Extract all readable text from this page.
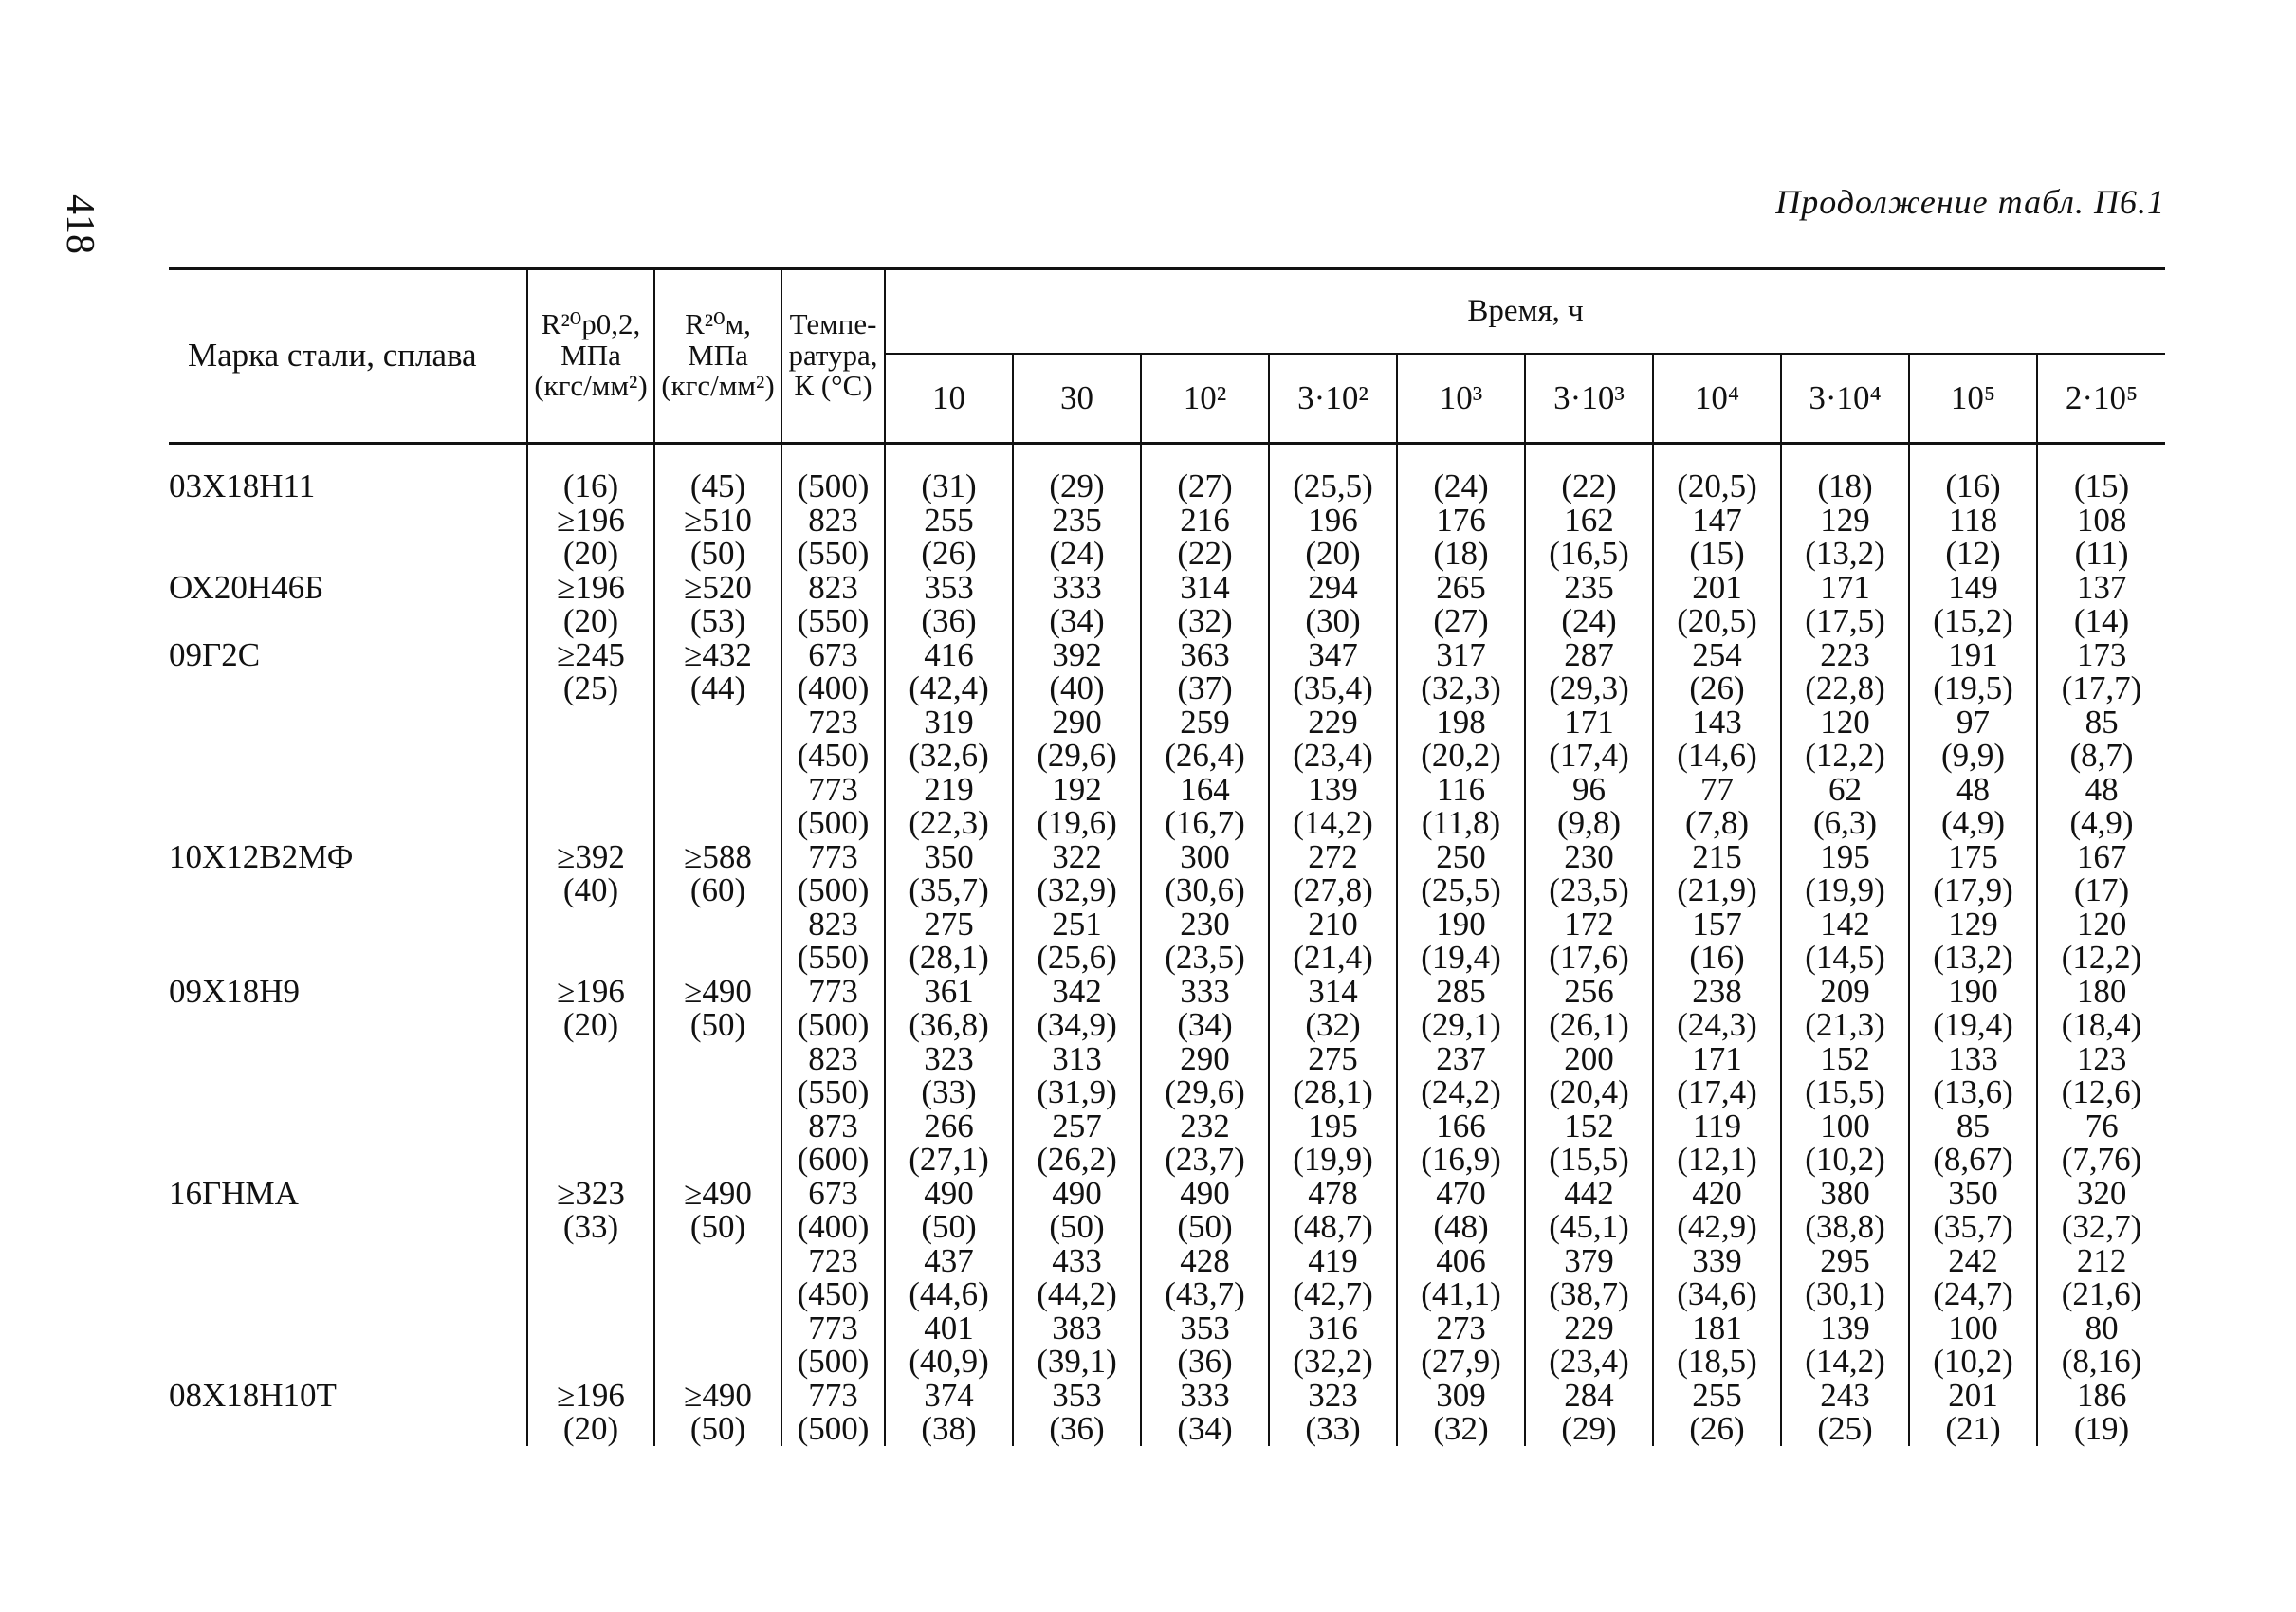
418	Продолжение табл. П6.1
Марка стали, сплава	R²⁰p0,2, МПа (кгс/мм²)	R²⁰м, МПа (кгс/мм²)	Температура, К (°С)	Время, ч									
				10	30	10²	3·10²	10³	3·10³	10⁴	3·10⁴	10⁵	2·10⁵
03Х18Н11	(16)	(45)	(500)	(31)	(29)	(27)	(25,5)	(24)	(22)	(20,5)	(18)	(16)	(15)
	≥196	≥510	823	255	235	216	196	176	162	147	129	118	108
	(20)	(50)	(550)	(26)	(24)	(22)	(20)	(18)	(16,5)	(15)	(13,2)	(12)	(11)
ОХ20Н46Б	≥196	≥520	823	353	333	314	294	265	235	201	171	149	137
	(20)	(53)	(550)	(36)	(34)	(32)	(30)	(27)	(24)	(20,5)	(17,5)	(15,2)	(14)
09Г2С	≥245	≥432	673	416	392	363	347	317	287	254	223	191	173
	(25)	(44)	(400)	(42,4)	(40)	(37)	(35,4)	(32,3)	(29,3)	(26)	(22,8)	(19,5)	(17,7)
			723	319	290	259	229	198	171	143	120	97	85
			(450)	(32,6)	(29,6)	(26,4)	(23,4)	(20,2)	(17,4)	(14,6)	(12,2)	(9,9)	(8,7)
			773	219	192	164	139	116	96	77	62	48	48
			(500)	(22,3)	(19,6)	(16,7)	(14,2)	(11,8)	(9,8)	(7,8)	(6,3)	(4,9)	(4,9)
10Х12В2МФ	≥392	≥588	773	350	322	300	272	250	230	215	195	175	167
	(40)	(60)	(500)	(35,7)	(32,9)	(30,6)	(27,8)	(25,5)	(23,5)	(21,9)	(19,9)	(17,9)	(17)
			823	275	251	230	210	190	172	157	142	129	120
			(550)	(28,1)	(25,6)	(23,5)	(21,4)	(19,4)	(17,6)	(16)	(14,5)	(13,2)	(12,2)
09Х18Н9	≥196	≥490	773	361	342	333	314	285	256	238	209	190	180
	(20)	(50)	(500)	(36,8)	(34,9)	(34)	(32)	(29,1)	(26,1)	(24,3)	(21,3)	(19,4)	(18,4)
			823	323	313	290	275	237	200	171	152	133	123
			(550)	(33)	(31,9)	(29,6)	(28,1)	(24,2)	(20,4)	(17,4)	(15,5)	(13,6)	(12,6)
			873	266	257	232	195	166	152	119	100	85	76
			(600)	(27,1)	(26,2)	(23,7)	(19,9)	(16,9)	(15,5)	(12,1)	(10,2)	(8,67)	(7,76)
16ГНМА	≥323	≥490	673	490	490	490	478	470	442	420	380	350	320
	(33)	(50)	(400)	(50)	(50)	(50)	(48,7)	(48)	(45,1)	(42,9)	(38,8)	(35,7)	(32,7)
			723	437	433	428	419	406	379	339	295	242	212
			(450)	(44,6)	(44,2)	(43,7)	(42,7)	(41,1)	(38,7)	(34,6)	(30,1)	(24,7)	(21,6)
			773	401	383	353	316	273	229	181	139	100	80
			(500)	(40,9)	(39,1)	(36)	(32,2)	(27,9)	(23,4)	(18,5)	(14,2)	(10,2)	(8,16)
08Х18Н10Т	≥196	≥490	773	374	353	333	323	309	284	255	243	201	186
	(20)	(50)	(500)	(38)	(36)	(34)	(33)	(32)	(29)	(26)	(25)	(21)	(19)
